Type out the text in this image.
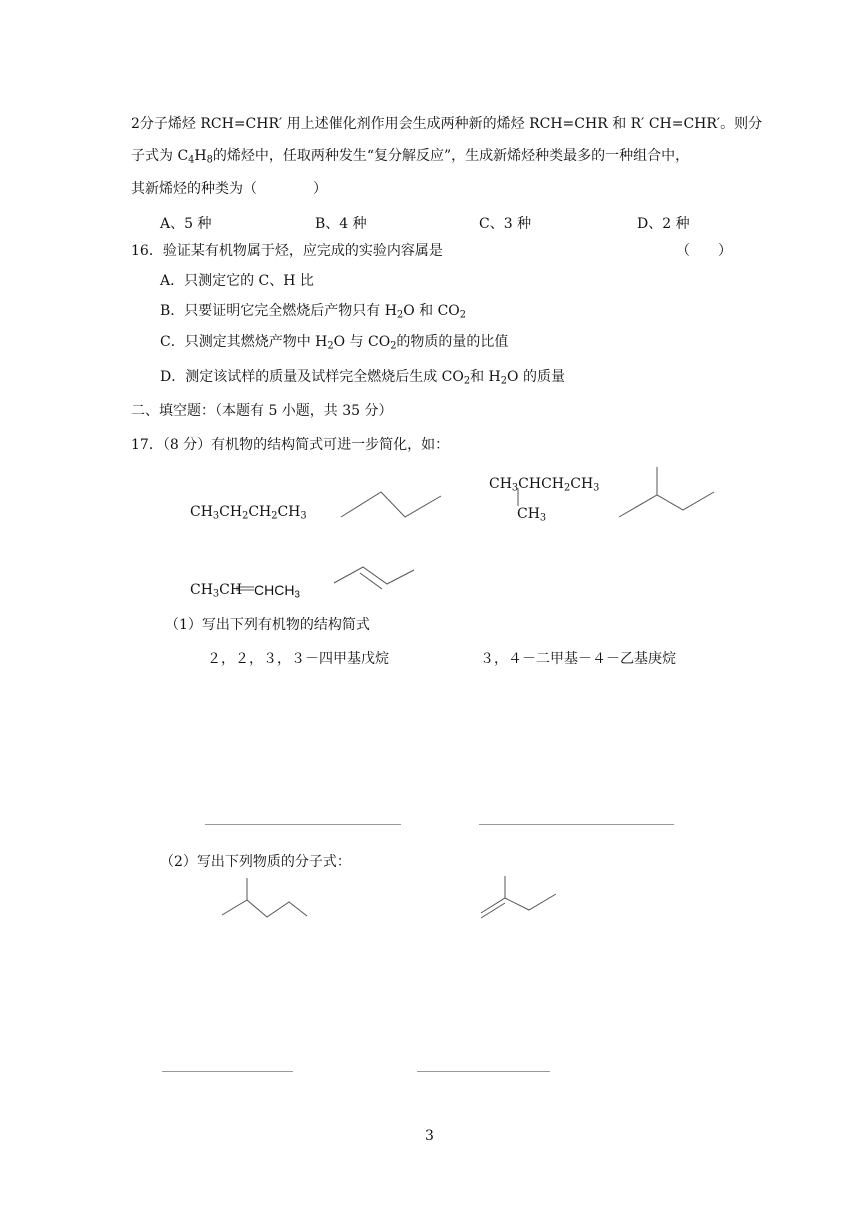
2分子烯烃 RCH=CHR′ 用上述催化剂作用会生成两种新的烯烃 RCH=CHR 和 R′ CH=CHR′。则分
子式为 $C_4H_8$的烯烃中，任取两种发生“复分解反应”，生成新烯烃种类最多的一种组合中，
其新烯烃的种类为（　　　　）
A、5 种	B、4 种	C、3 种	D、2 种
16．验证某有机物属于烃，应完成的实验内容属是	（　　）
A．只测定它的 C、H 比
B．只要证明它完全燃烧后产物只有 $H_2O$ 和 $CO_2$
C．只测定其燃烧产物中 $H_2O$ 与 $CO_2$的物质的量的比值
D．测定该试样的质量及试样完全燃烧后生成 $CO_2$和 $H_2O$ 的质量
二、填空题：（本题有 5 小题，共 35 分）
17．（8 分）有机物的结构简式可进一步简化，如：
$CH_3CH_2CH_2CH_3$
$CH_3CHCH_2CH_3$
$CH_3$
$CH_3CH$ $CHCH_3$
（1）写出下列有机物的结构简式
２，２，３，３－四甲基戊烷	３，４－二甲基－４－乙基庚烷
（2）写出下列物质的分子式：
3
